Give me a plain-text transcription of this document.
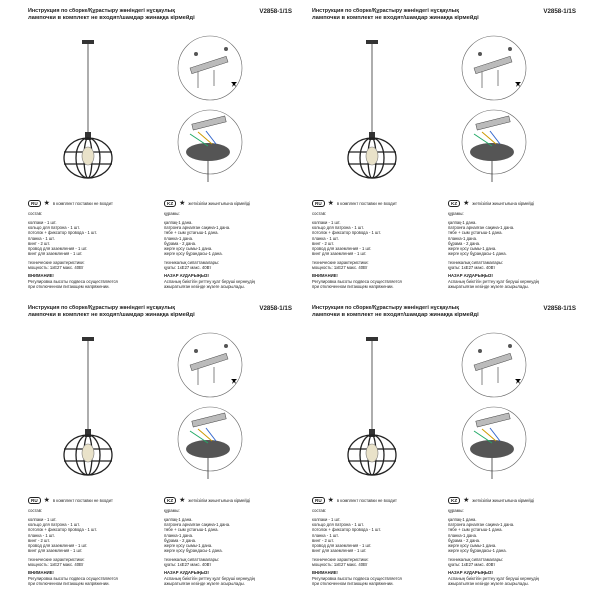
Инструкция по сборке/Құрастыру жөніндегі нұсқаулық	V2858-1/1S
лампочки в комплект не входят/шамдар жинаққа кірмейді
RU ★ в комплект поставки не входит
состав:
колпаки - 1 шт.
кольцо для патрона - 1 шт.
потолок + фиксатор провода - 1 шт.
планка - 1 шт.
винт - 2 шт.
провод для заземления - 1 шт.
винт для заземления - 1 шт.
технические характеристики:
мощность: 1xE27 макс. 40Вт
ВНИМАНИЕ!
Регулировка высоты подвеса осуществляется
при отключенном питающем напряжении.
KZ ★ жеткізілім жиынтығына кірмейді
құрамы:
қалпақ-1 дана.
патронға арналған сақина-1 дана.
төбе + сым ұстағыш-1 дана.
планка-1 дана.
бұрама - 2 дана.
жерге қосу сымы-1 дана.
жерге қосу бұрандасы-1 дана.
техникалық сипаттамалары:
қуаты: 1xE27 макс. 40Вт
НАЗАР АУДАРЫҢЫЗ!
Аспаның биіктігін реттеу қуат беруші кернеудің
ажыратылған кезінде жүзеге асырылады.
Инструкция по сборке/Құрастыру жөніндегі нұсқаулық	V2858-1/1S
лампочки в комплект не входят/шамдар жинаққа кірмейді
RU ★ в комплект поставки не входит
состав:
колпаки - 1 шт.
кольцо для патрона - 1 шт.
потолок + фиксатор провода - 1 шт.
планка - 1 шт.
винт - 2 шт.
провод для заземления - 1 шт.
винт для заземления - 1 шт.
технические характеристики:
мощность: 1xE27 макс. 40Вт
ВНИМАНИЕ!
Регулировка высоты подвеса осуществляется
при отключенном питающем напряжении.
KZ ★ жеткізілім жиынтығына кірмейді
құрамы:
қалпақ-1 дана.
патронға арналған сақина-1 дана.
төбе + сым ұстағыш-1 дана.
планка-1 дана.
бұрама - 2 дана.
жерге қосу сымы-1 дана.
жерге қосу бұрандасы-1 дана.
техникалық сипаттамалары:
қуаты: 1xE27 макс. 40Вт
НАЗАР АУДАРЫҢЫЗ!
Аспаның биіктігін реттеу қуат беруші кернеудің
ажыратылған кезінде жүзеге асырылады.
Инструкция по сборке/Құрастыру жөніндегі нұсқаулық	V2858-1/1S
лампочки в комплект не входят/шамдар жинаққа кірмейді
RU ★ в комплект поставки не входит
состав:
колпаки - 1 шт.
кольцо для патрона - 1 шт.
потолок + фиксатор провода - 1 шт.
планка - 1 шт.
винт - 2 шт.
провод для заземления - 1 шт.
винт для заземления - 1 шт.
технические характеристики:
мощность: 1xE27 макс. 40Вт
ВНИМАНИЕ!
Регулировка высоты подвеса осуществляется
при отключенном питающем напряжении.
KZ ★ жеткізілім жиынтығына кірмейді
құрамы:
қалпақ-1 дана.
патронға арналған сақина-1 дана.
төбе + сым ұстағыш-1 дана.
планка-1 дана.
бұрама - 2 дана.
жерге қосу сымы-1 дана.
жерге қосу бұрандасы-1 дана.
техникалық сипаттамалары:
қуаты: 1xE27 макс. 40Вт
НАЗАР АУДАРЫҢЫЗ!
Аспаның биіктігін реттеу қуат беруші кернеудің
ажыратылған кезінде жүзеге асырылады.
Инструкция по сборке/Құрастыру жөніндегі нұсқаулық	V2858-1/1S
лампочки в комплект не входят/шамдар жинаққа кірмейді
RU ★ в комплект поставки не входит
состав:
колпаки - 1 шт.
кольцо для патрона - 1 шт.
потолок + фиксатор провода - 1 шт.
планка - 1 шт.
винт - 2 шт.
провод для заземления - 1 шт.
винт для заземления - 1 шт.
технические характеристики:
мощность: 1xE27 макс. 40Вт
ВНИМАНИЕ!
Регулировка высоты подвеса осуществляется
при отключенном питающем напряжении.
KZ ★ жеткізілім жиынтығына кірмейді
құрамы:
қалпақ-1 дана.
патронға арналған сақина-1 дана.
төбе + сым ұстағыш-1 дана.
планка-1 дана.
бұрама - 2 дана.
жерге қосу сымы-1 дана.
жерге қосу бұрандасы-1 дана.
техникалық сипаттамалары:
қуаты: 1xE27 макс. 40Вт
НАЗАР АУДАРЫҢЫЗ!
Аспаның биіктігін реттеу қуат беруші кернеудің
ажыратылған кезінде жүзеге асырылады.
